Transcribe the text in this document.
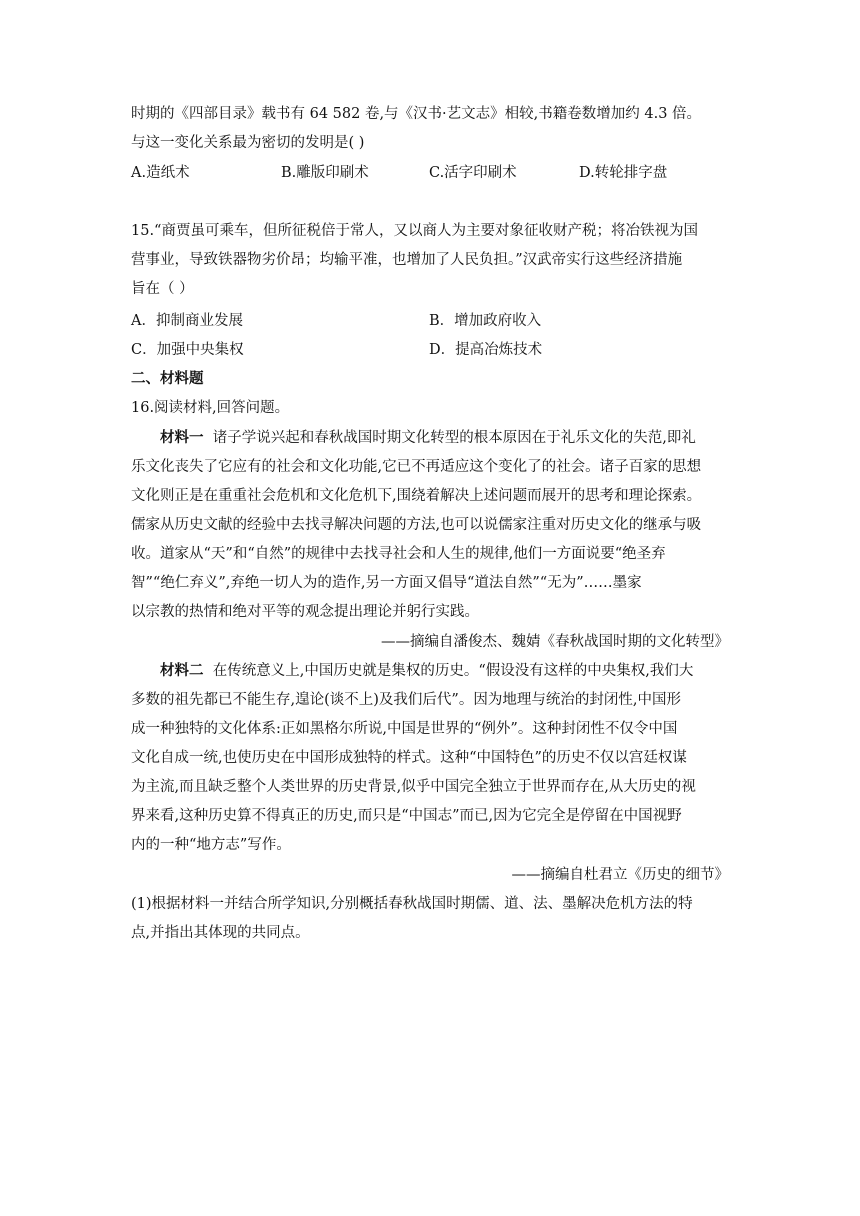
时期的《四部目录》载书有 64 582 卷,与《汉书·艺文志》相较,书籍卷数增加约 4.3 倍。
与这一变化关系最为密切的发明是( )
A.造纸术	B.雕版印刷术	C.活字印刷术	D.转轮排字盘
15.“商贾虽可乘车，但所征税倍于常人，又以商人为主要对象征收财产税；将冶铁视为国
营事业，导致铁器物劣价昂；均输平准，也增加了人民负担。”汉武帝实行这些经济措施
旨在（ ）
A．抑制商业发展	B．增加政府收入
C．加强中央集权	D．提高冶炼技术
二、材料题
16.阅读材料,回答问题。
材料一 诸子学说兴起和春秋战国时期文化转型的根本原因在于礼乐文化的失范,即礼
乐文化丧失了它应有的社会和文化功能,它已不再适应这个变化了的社会。诸子百家的思想
文化则正是在重重社会危机和文化危机下,围绕着解决上述问题而展开的思考和理论探索。
儒家从历史文献的经验中去找寻解决问题的方法,也可以说儒家注重对历史文化的继承与吸
收。道家从“天”和“自然”的规律中去找寻社会和人生的规律,他们一方面说要“绝圣弃
智”“绝仁弃义”,弃绝一切人为的造作,另一方面又倡导“道法自然”“无为”……墨家
以宗教的热情和绝对平等的观念提出理论并躬行实践。
——摘编自潘俊杰、魏婧《春秋战国时期的文化转型》
材料二 在传统意义上,中国历史就是集权的历史。“假设没有这样的中央集权,我们大
多数的祖先都已不能生存,遑论(谈不上)及我们后代”。因为地理与统治的封闭性,中国形
成一种独特的文化体系:正如黑格尔所说,中国是世界的“例外”。这种封闭性不仅令中国
文化自成一统,也使历史在中国形成独特的样式。这种“中国特色”的历史不仅以宫廷权谋
为主流,而且缺乏整个人类世界的历史背景,似乎中国完全独立于世界而存在,从大历史的视
界来看,这种历史算不得真正的历史,而只是“中国志”而已,因为它完全是停留在中国视野
内的一种“地方志”写作。
——摘编自杜君立《历史的细节》
(1)根据材料一并结合所学知识,分别概括春秋战国时期儒、道、法、墨解决危机方法的特
点,并指出其体现的共同点。
